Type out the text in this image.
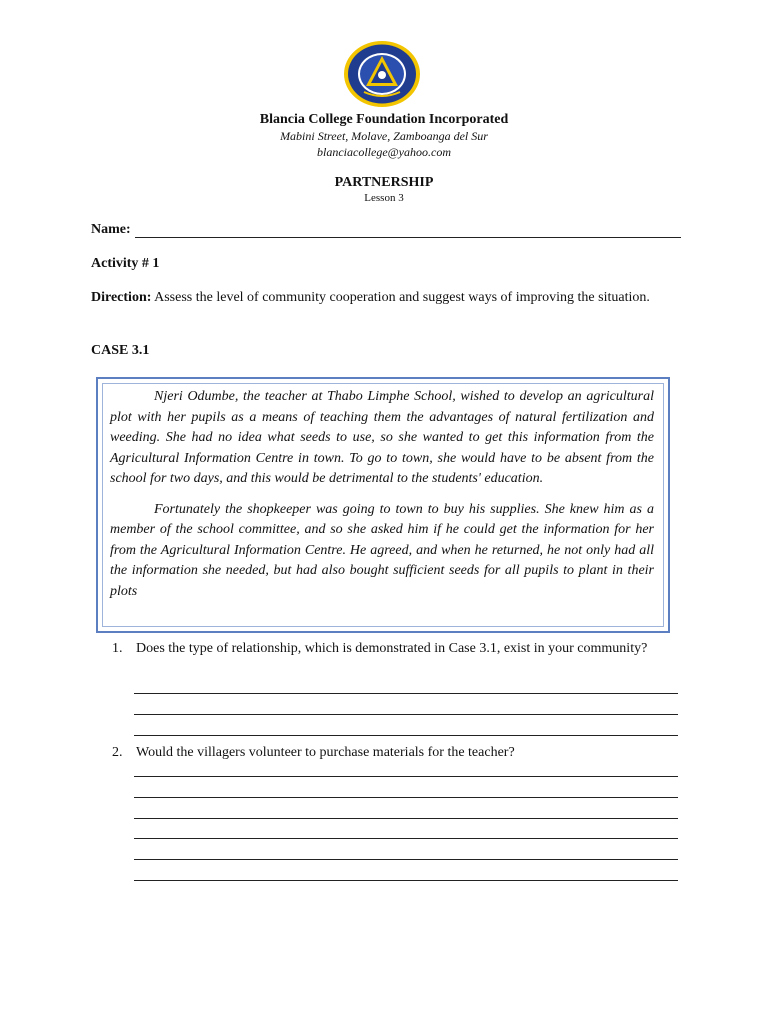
Blancia College Foundation Incorporated
Mabini Street, Molave, Zamboanga del Sur
blanciacollege@yahoo.com
PARTNERSHIP
Lesson 3
Name:
Activity # 1
Direction: Assess the level of community cooperation and suggest ways of improving the situation.
CASE 3.1

Njeri Odumbe, the teacher at Thabo Limphe School, wished to develop an agricultural plot with her pupils as a means of teaching them the advantages of natural fertilization and weeding. She had no idea what seeds to use, so she wanted to get this information from the Agricultural Information Centre in town. To go to town, she would have to be absent from the school for two days, and this would be detrimental to the students' education.

Fortunately the shopkeeper was going to town to buy his supplies. She knew him as a member of the school committee, and so she asked him if he could get the information for her from the Agricultural Information Centre. He agreed, and when he returned, he not only had all the information she needed, but had also bought sufficient seeds for all pupils to plant in their plots

1. Does the type of relationship, which is demonstrated in Case 3.1, exist in your community?
2. Would the villagers volunteer to purchase materials for the teacher?
